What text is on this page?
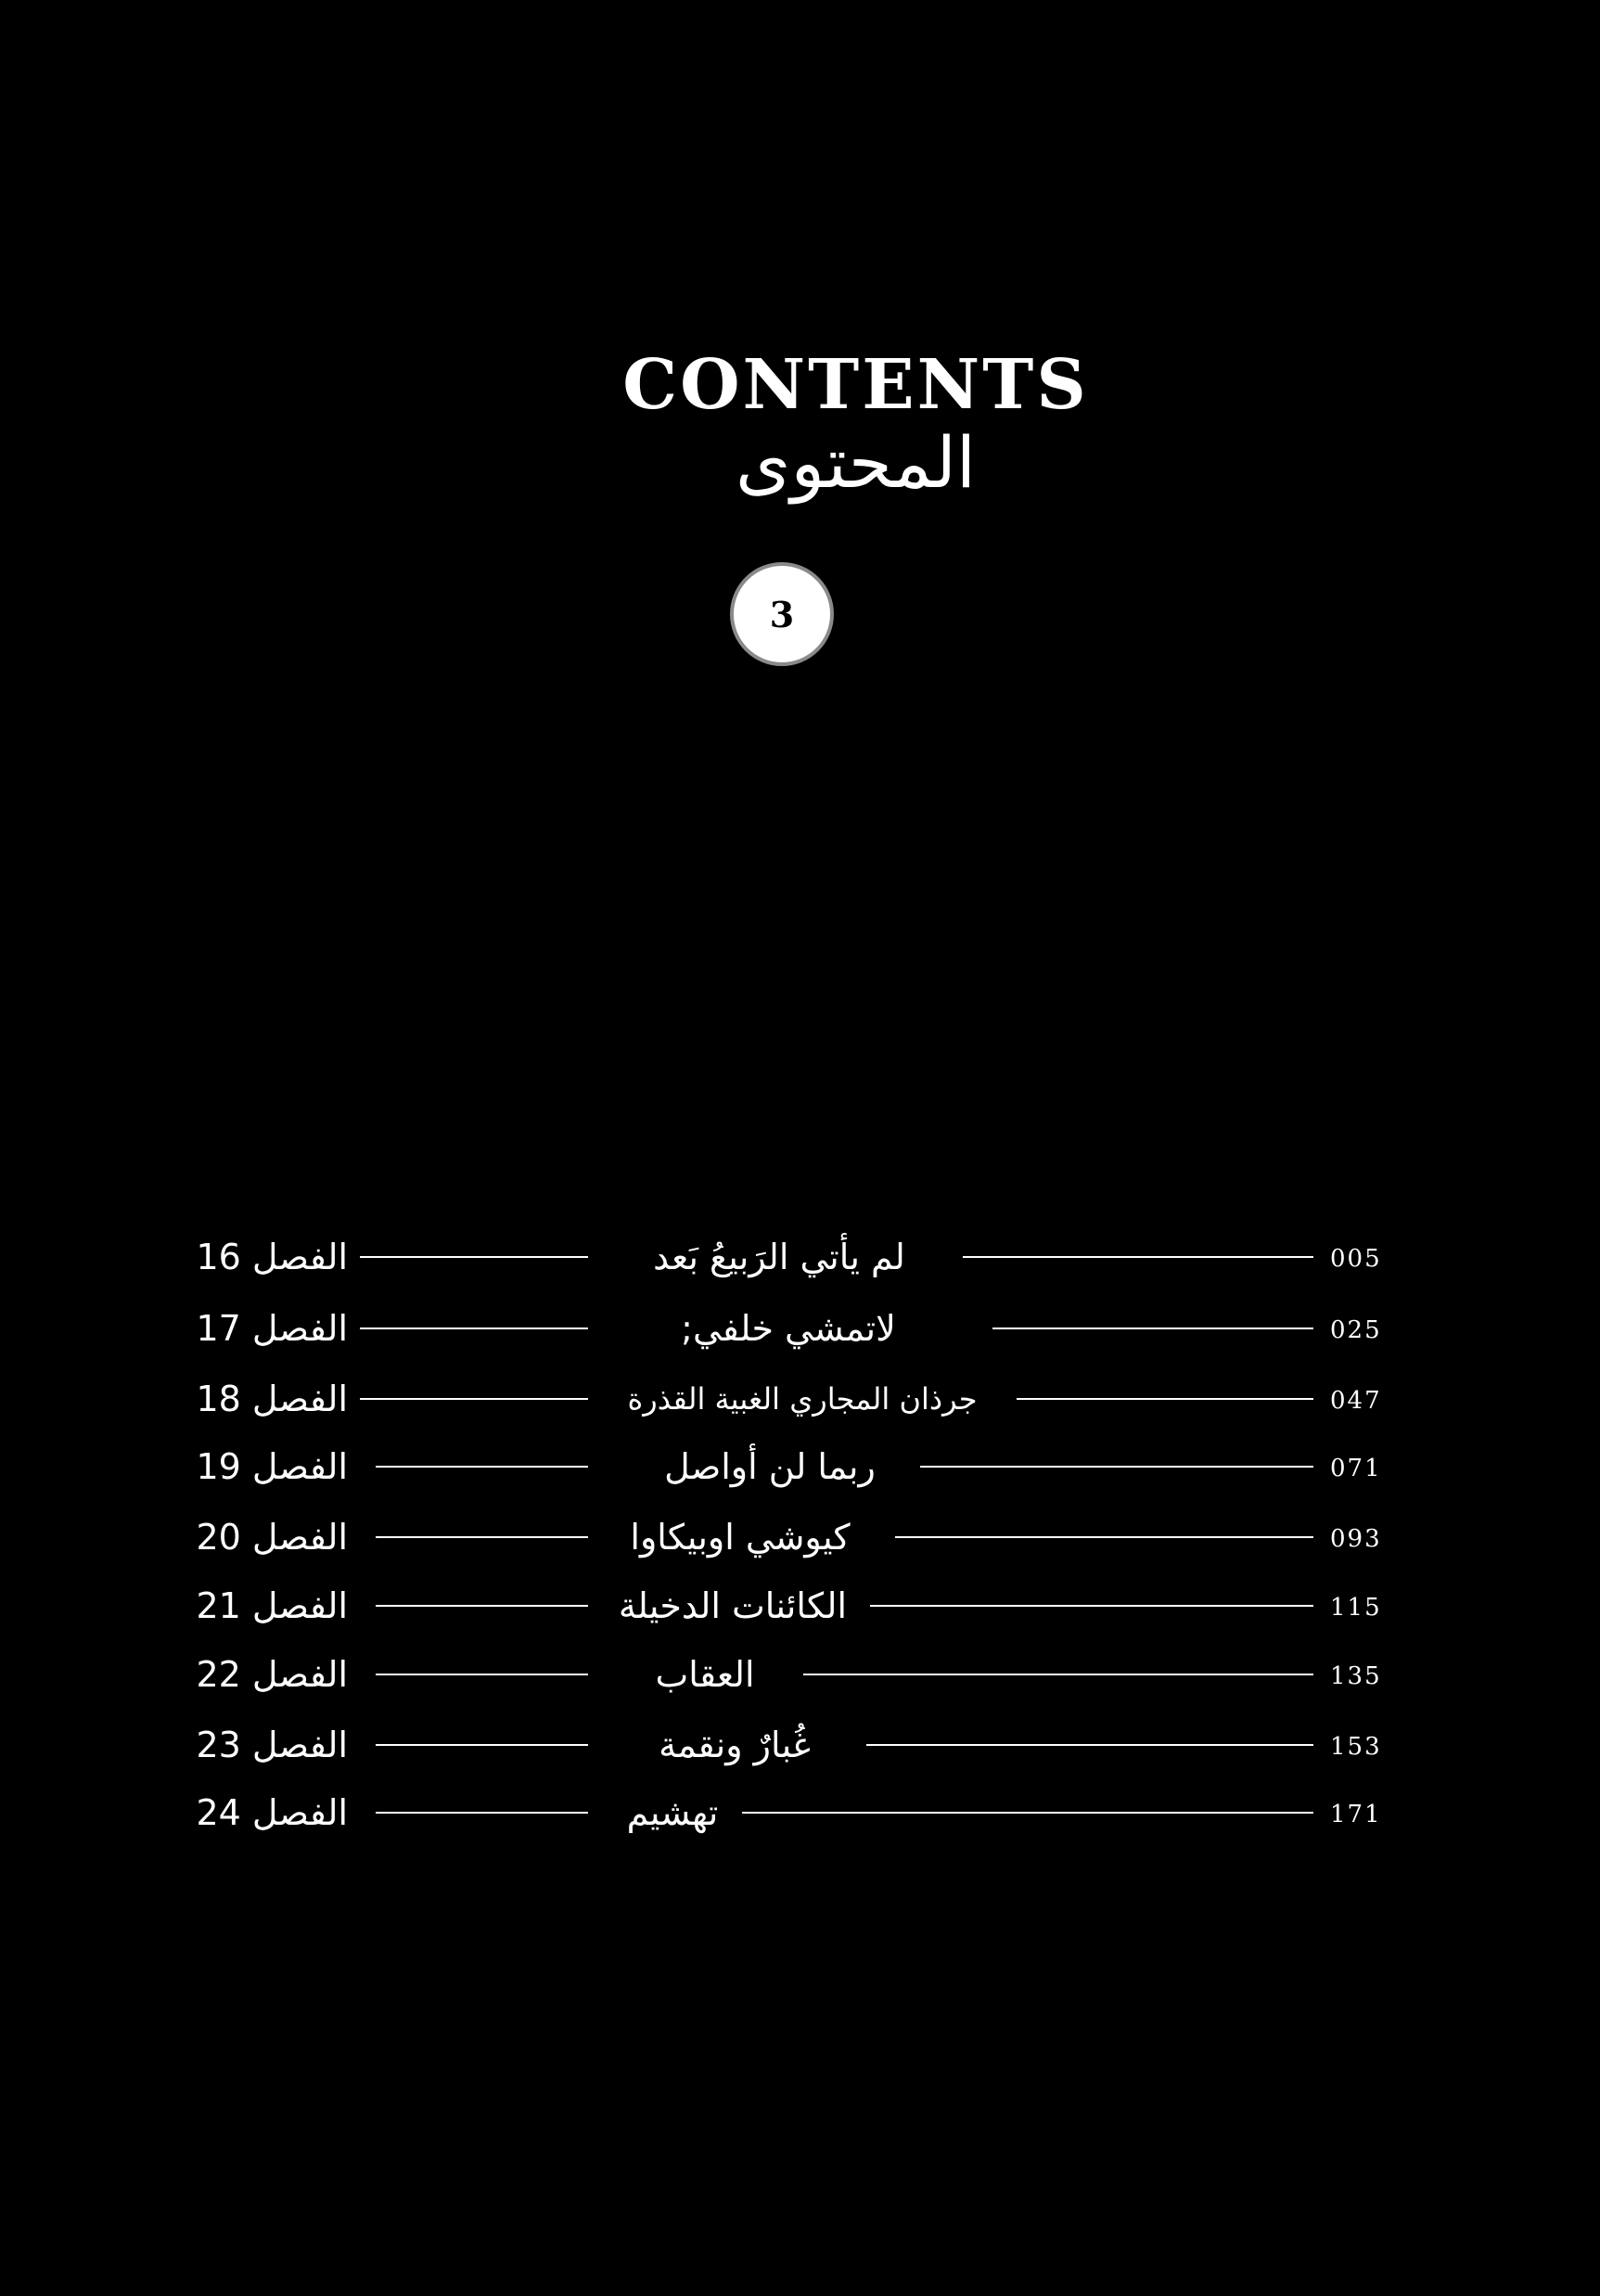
CONTENTS
المحتوى
3
الفصل 16	لم يأتي الرَبيعُ بَعد	005
الفصل 17	لاتمشي خلفي;	025
الفصل 18	جرذان المجاري الغبية القذرة	047
الفصل 19	ربما لن أواصل	071
الفصل 20	كيوشي اوبيكاوا	093
الفصل 21	الكائنات الدخيلة	115
الفصل 22	العقاب	135
الفصل 23	غُبارٌ ونقمة	153
الفصل 24	تهشيم	171
